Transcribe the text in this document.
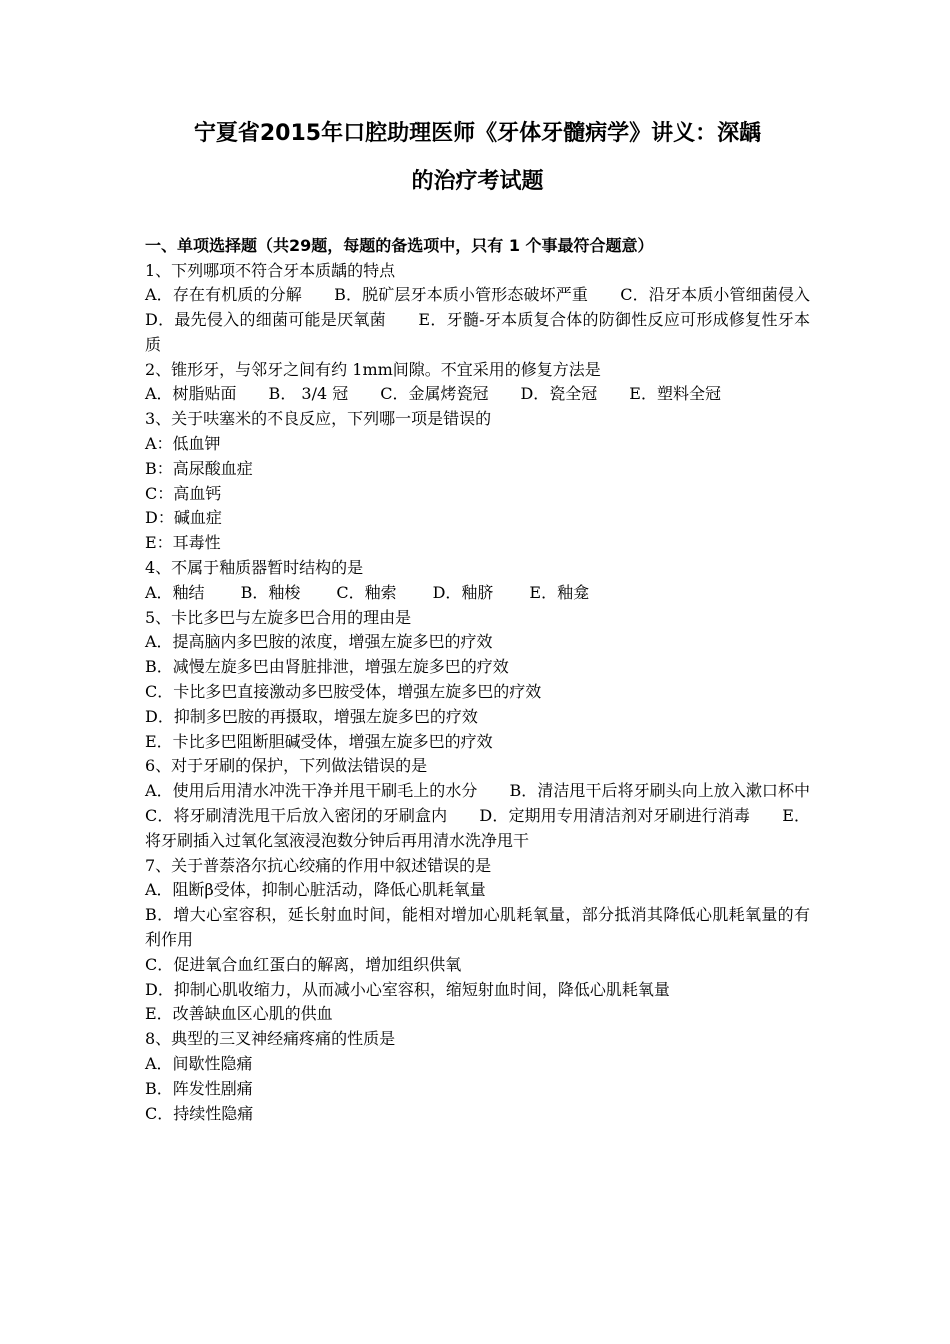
宁夏省2015年口腔助理医师《牙体牙髓病学》讲义：深龋
的治疗考试题

一、单项选择题（共29题，每题的备选项中，只有 1 个事最符合题意）

1、下列哪项不符合牙本质龋的特点

A．存在有机质的分解　　B．脱矿层牙本质小管形态破坏严重　　C．沿牙本质小管细菌侵入　　D．最先侵入的细菌可能是厌氧菌　　E．牙髓-牙本质复合体的防御性反应可形成修复性牙本质

2、锥形牙，与邻牙之间有约 1mm间隙。不宜采用的修复方法是

A．树脂贴面　　B． 3/4 冠　　C．金属烤瓷冠　　D．瓷全冠　　E．塑料全冠

3、关于呋塞米的不良反应，下列哪一项是错误的

A：低血钾

B：高尿酸血症

C：高血钙

D：碱血症

E：耳毒性

4、不属于釉质器暂时结构的是

A．釉结 B．釉梭 C．釉索 D．釉脐 E．釉龛

5、卡比多巴与左旋多巴合用的理由是

A．提高脑内多巴胺的浓度，增强左旋多巴的疗效

B．减慢左旋多巴由肾脏排泄，增强左旋多巴的疗效

C．卡比多巴直接激动多巴胺受体，增强左旋多巴的疗效

D．抑制多巴胺的再摄取，增强左旋多巴的疗效

E．卡比多巴阻断胆碱受体，增强左旋多巴的疗效

6、对于牙刷的保护，下列做法错误的是

A．使用后用清水冲洗干净并甩干刷毛上的水分　　B．清洁甩干后将牙刷头向上放入漱口杯中　　C．将牙刷清洗甩干后放入密闭的牙刷盒内　　D．定期用专用清洁剂对牙刷进行消毒　　E．将牙刷插入过氧化氢液浸泡数分钟后再用清水洗净甩干

7、关于普萘洛尔抗心绞痛的作用中叙述错误的是

A．阻断β受体，抑制心脏活动，降低心肌耗氧量

B．增大心室容积，延长射血时间，能相对增加心肌耗氧量，部分抵消其降低心肌耗氧量的有利作用

C．促进氧合血红蛋白的解离，增加组织供氧

D．抑制心肌收缩力，从而减小心室容积，缩短射血时间，降低心肌耗氧量

E．改善缺血区心肌的供血

8、典型的三叉神经痛疼痛的性质是

A．间歇性隐痛

B．阵发性剧痛

C．持续性隐痛
